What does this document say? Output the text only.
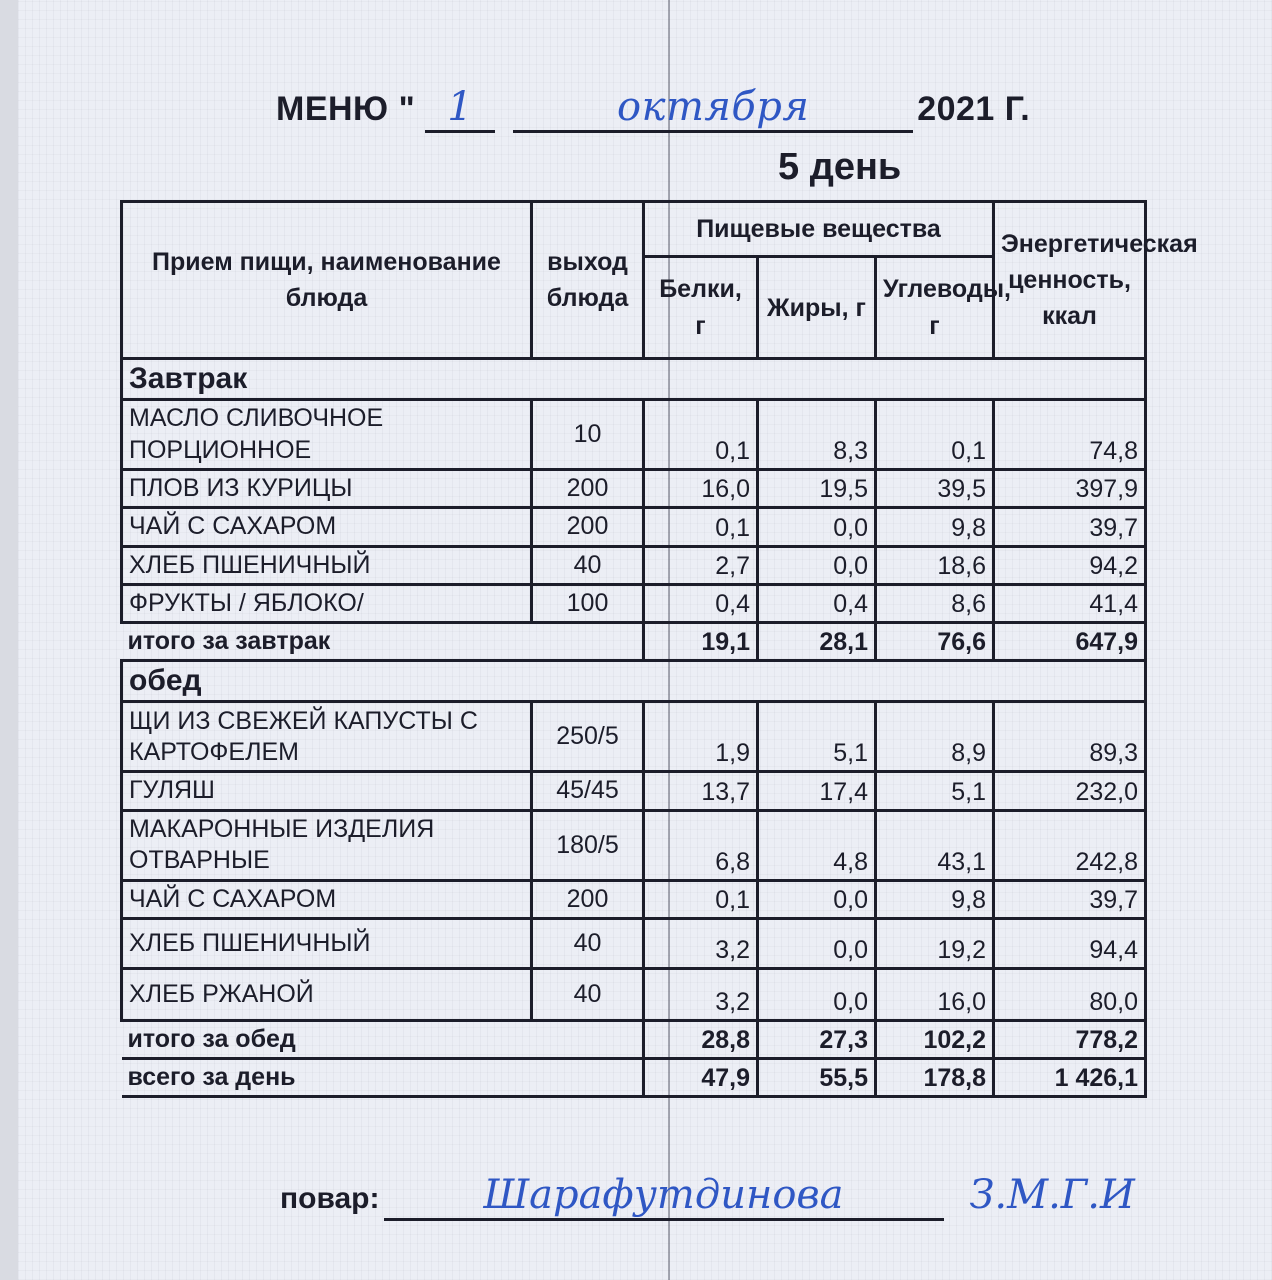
МЕНЮ " 1	октября	2021 Г.
5 день
Прием пищи, наименование блюда	выход блюда	Пищевые вещества			Энергетическая ценность, ккал
		Белки, г	Жиры, г	Углеводы, г	
Завтрак					
МАСЛО СЛИВОЧНОЕ ПОРЦИОННОЕ	10	0,1	8,3	0,1	74,8
ПЛОВ ИЗ КУРИЦЫ	200	16,0	19,5	39,5	397,9
ЧАЙ С САХАРОМ	200	0,1	0,0	9,8	39,7
ХЛЕБ ПШЕНИЧНЫЙ	40	2,7	0,0	18,6	94,2
ФРУКТЫ / ЯБЛОКО/	100	0,4	0,4	8,6	41,4
итого за завтрак		19,1	28,1	76,6	647,9
обед					
ЩИ ИЗ СВЕЖЕЙ КАПУСТЫ С КАРТОФЕЛЕМ	250/5	1,9	5,1	8,9	89,3
ГУЛЯШ	45/45	13,7	17,4	5,1	232,0
МАКАРОННЫЕ ИЗДЕЛИЯ ОТВАРНЫЕ	180/5	6,8	4,8	43,1	242,8
ЧАЙ С САХАРОМ	200	0,1	0,0	9,8	39,7
ХЛЕБ ПШЕНИЧНЫЙ	40	3,2	0,0	19,2	94,4
ХЛЕБ РЖАНОЙ	40	3,2	0,0	16,0	80,0
итого за обед		28,8	27,3	102,2	778,2
всего за день		47,9	55,5	178,8	1 426,1
повар:	Шарафутдинова	З.М.Г.И
